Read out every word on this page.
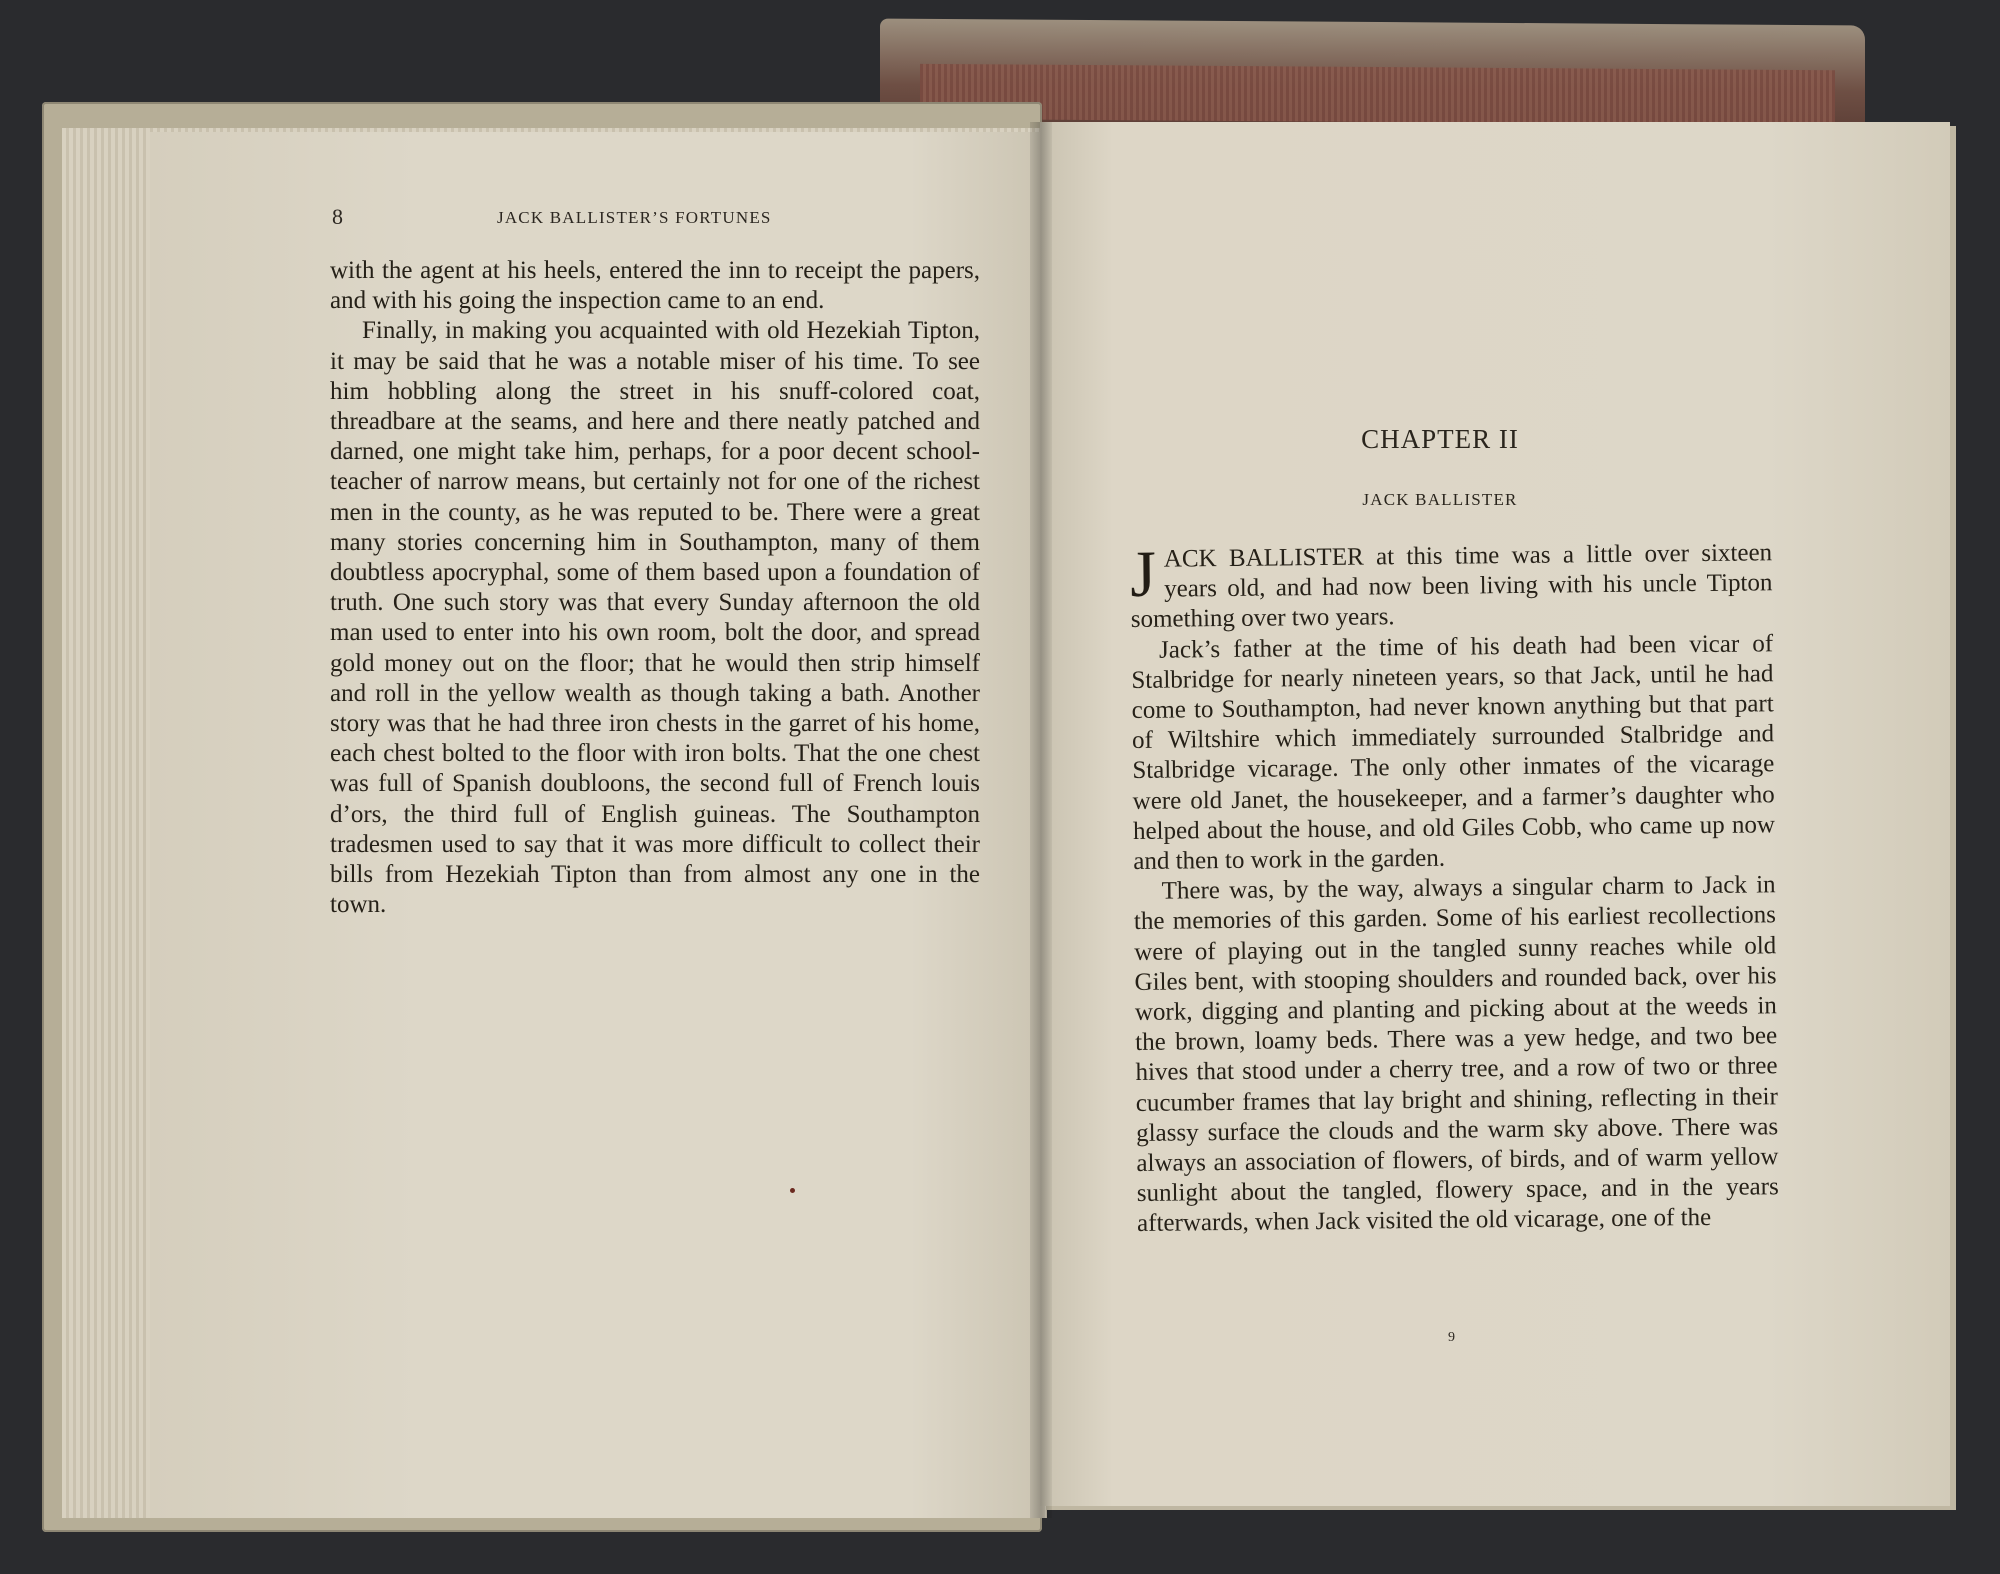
8	JACK BALLISTER’S FORTUNES

with the agent at his heels, entered the inn to receipt the papers, and with his going the inspection came to an end.

Finally, in making you acquainted with old Hezekiah Tipton, it may be said that he was a notable miser of his time. To see him hobbling along the street in his snuff-colored coat, threadbare at the seams, and here and there neatly patched and darned, one might take him, perhaps, for a poor decent school-teacher of narrow means, but certainly not for one of the richest men in the county, as he was reputed to be. There were a great many stories concerning him in Southampton, many of them doubtless apocryphal, some of them based upon a foundation of truth. One such story was that every Sunday afternoon the old man used to enter into his own room, bolt the door, and spread gold money out on the floor; that he would then strip himself and roll in the yellow wealth as though taking a bath. Another story was that he had three iron chests in the garret of his home, each chest bolted to the floor with iron bolts. That the one chest was full of Spanish doubloons, the second full of French louis d’ors, the third full of English guineas. The Southampton tradesmen used to say that it was more difficult to collect their bills from Hezekiah Tipton than from almost any one in the town.

CHAPTER II
JACK BALLISTER

JACK BALLISTER at this time was a little over sixteen years old, and had now been living with his uncle Tipton something over two years.

Jack’s father at the time of his death had been vicar of Stalbridge for nearly nineteen years, so that Jack, until he had come to Southampton, had never known anything but that part of Wiltshire which immediately surrounded Stalbridge and Stalbridge vicarage. The only other inmates of the vicarage were old Janet, the housekeeper, and a farmer’s daughter who helped about the house, and old Giles Cobb, who came up now and then to work in the garden.

There was, by the way, always a singular charm to Jack in the memories of this garden. Some of his earliest recollections were of playing out in the tangled sunny reaches while old Giles bent, with stooping shoulders and rounded back, over his work, digging and planting and picking about at the weeds in the brown, loamy beds. There was a yew hedge, and two bee hives that stood under a cherry tree, and a row of two or three cucumber frames that lay bright and shining, reflecting in their glassy surface the clouds and the warm sky above. There was always an association of flowers, of birds, and of warm yellow sunlight about the tangled, flowery space, and in the years afterwards, when Jack visited the old vicarage, one of the

9
